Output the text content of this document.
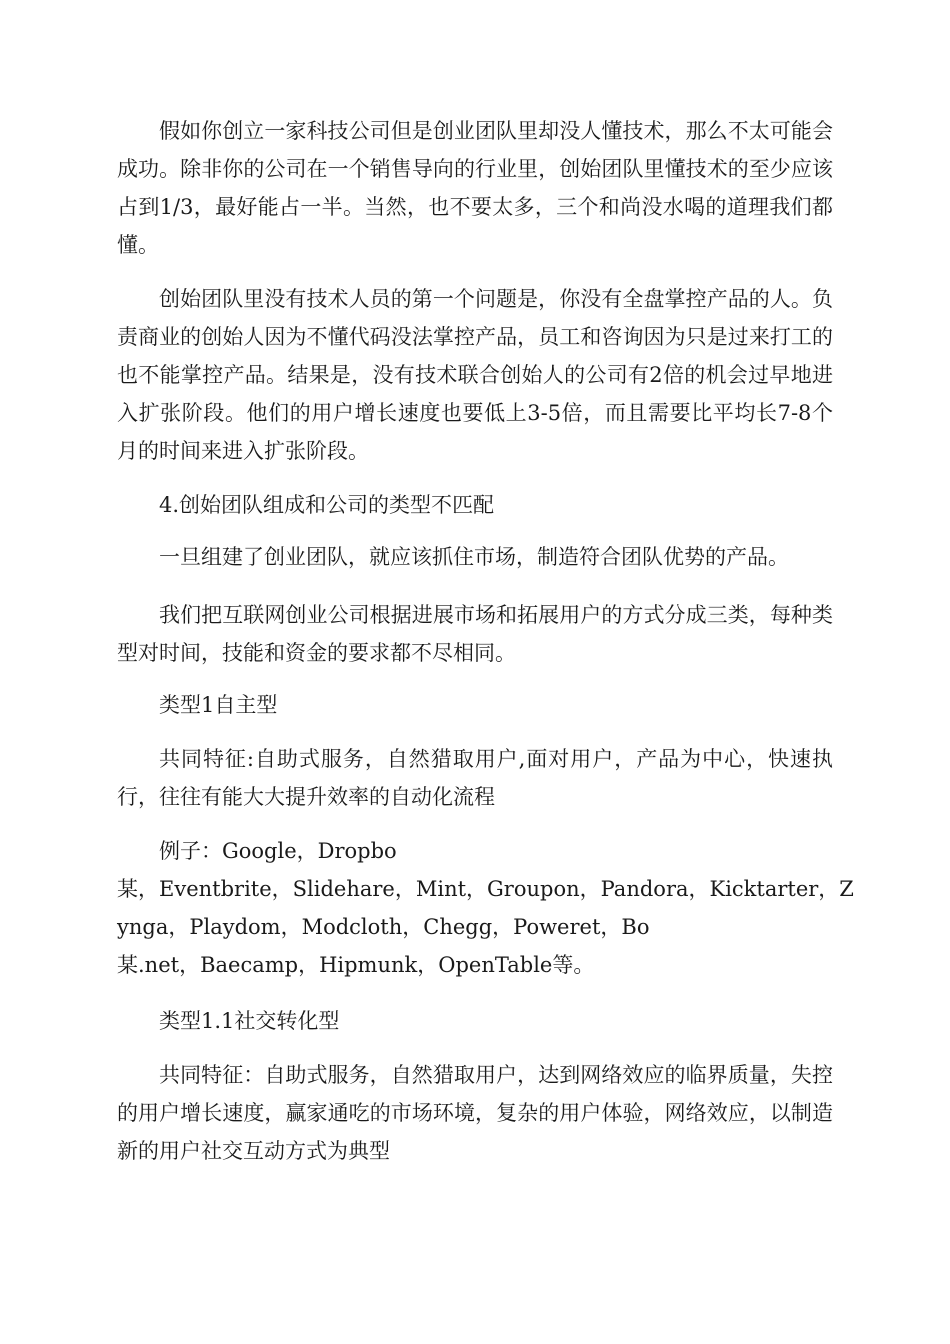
假如你创立一家科技公司但是创业团队里却没人懂技术，那么不太可能会成功。除非你的公司在一个销售导向的行业里，创始团队里懂技术的至少应该占到1/3，最好能占一半。当然，也不要太多，三个和尚没水喝的道理我们都懂。

创始团队里没有技术人员的第一个问题是，你没有全盘掌控产品的人。负责商业的创始人因为不懂代码没法掌控产品，员工和咨询因为只是过来打工的也不能掌控产品。结果是，没有技术联合创始人的公司有2倍的机会过早地进入扩张阶段。他们的用户增长速度也要低上3-5倍，而且需要比平均长7-8个月的时间来进入扩张阶段。

4.创始团队组成和公司的类型不匹配

一旦组建了创业团队，就应该抓住市场，制造符合团队优势的产品。

我们把互联网创业公司根据进展市场和拓展用户的方式分成三类，每种类型对时间，技能和资金的要求都不尽相同。

类型1自主型

共同特征:自助式服务，自然猎取用户,面对用户，产品为中心，快速执行，往往有能大大提升效率的自动化流程

例子：Google，Dropbo
某，Eventbrite，Slidehare，Mint，Groupon，Pandora，Kicktarter，Z
ynga，Playdom，Modcloth，Chegg，Poweret，Bo
某.net，Baecamp，Hipmunk，OpenTable等。

类型1.1社交转化型

共同特征：自助式服务，自然猎取用户，达到网络效应的临界质量，失控的用户增长速度，赢家通吃的市场环境，复杂的用户体验，网络效应，以制造新的用户社交互动方式为典型
